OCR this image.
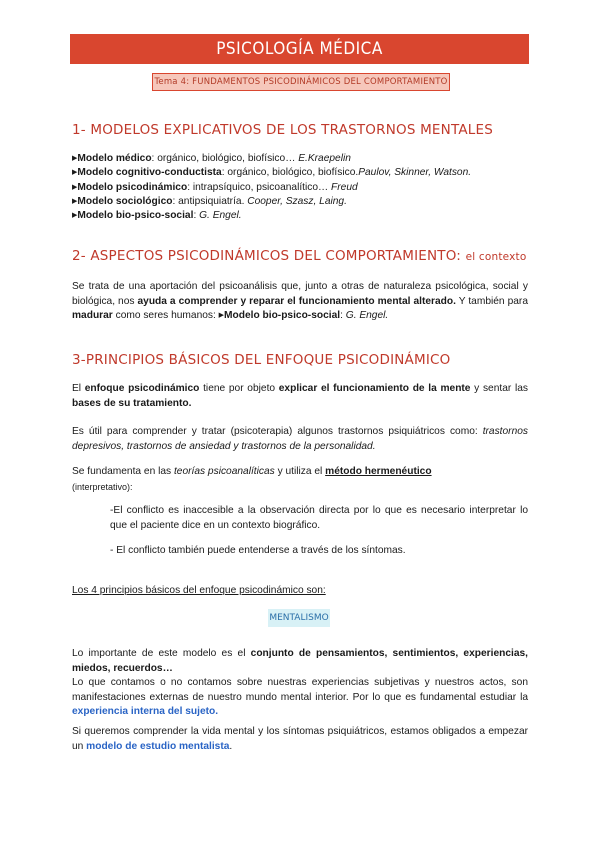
PSICOLOGÍA MÉDICA
Tema 4: FUNDAMENTOS PSICODINÁMICOS DEL COMPORTAMIENTO
1- MODELOS EXPLICATIVOS DE LOS TRASTORNOS MENTALES
▶Modelo médico: orgánico, biológico, biofísico… E.Kraepelin
▶Modelo cognitivo-conductista: orgánico, biológico, biofísico.Paulov, Skinner, Watson.
▶Modelo psicodinámico: intrapsíquico, psicoanalítico… Freud
▶Modelo sociológico: antipsiquiatría. Cooper, Szasz, Laing.
▶Modelo bio-psico-social: G. Engel.
2- ASPECTOS PSICODINÁMICOS DEL COMPORTAMIENTO: el contexto

Se trata de una aportación del psicoanálisis que, junto a otras de naturaleza psicológica, social y biológica, nos ayuda a comprender y reparar el funcionamiento mental alterado. Y también para madurar como seres humanos: ▶Modelo bio-psico-social: G. Engel.

3-PRINCIPIOS BÁSICOS DEL ENFOQUE PSICODINÁMICO

El enfoque psicodinámico tiene por objeto explicar el funcionamiento de la mente y sentar las bases de su tratamiento.

Es útil para comprender y tratar (psicoterapia) algunos trastornos psiquiátricos como: trastornos depresivos, trastornos de ansiedad y trastornos de la personalidad.

Se fundamenta en las teorías psicoanalíticas y utiliza el método hermenéutico
(interpretativo):

-El conflicto es inaccesible a la observación directa por lo que es necesario interpretar lo que el paciente dice en un contexto biográfico.

- El conflicto también puede entenderse a través de los síntomas.

Los 4 principios básicos del enfoque psicodinámico son:

MENTALISMO

Lo importante de este modelo es el conjunto de pensamientos, sentimientos, experiencias, miedos, recuerdos…
Lo que contamos o no contamos sobre nuestras experiencias subjetivas y nuestros actos, son manifestaciones externas de nuestro mundo mental interior. Por lo que es fundamental estudiar la experiencia interna del sujeto.

Si queremos comprender la vida mental y los síntomas psiquiátricos, estamos obligados a empezar un modelo de estudio mentalista.
